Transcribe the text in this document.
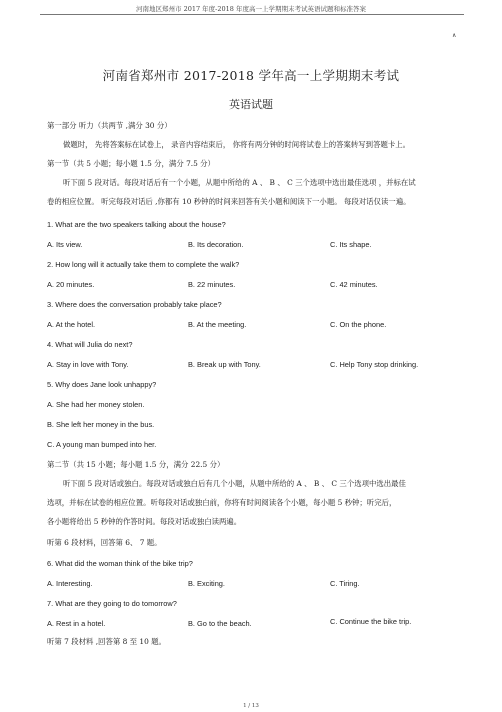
河南地区郑州市 2017 年度-2018 年度高一上学期期末考试英语试题和标准答案
∧
河南省郑州市 2017-2018 学年高一上学期期末考试
英语试题
第一部分 听力（共两节 ,满分 30 分）
做题时， 先将答案标在试卷上， 录音内容结束后， 你将有两分钟的时间将试卷上的答案转写到答题卡上。
第一节（共 5 小题；每小题 1.5 分，满分 7.5 分）
听下面 5 段对话。每段对话后有一个小题，从题中所给的 A 、 B 、 C 三个选项中选出最佳选项 ，并标在试
卷的相应位置。 听完每段对话后 ,你都有 10 秒钟的时间来回答有关小题和阅读下一小题。 每段对话仅读一遍。
1. What are the two speakers talking about the house?
A. Its view.	B. Its decoration.	C. Its shape.
2. How long will it actually take them to complete the walk?
A. 20 minutes.	B. 22 minutes.	C. 42 minutes.
3. Where does the conversation probably take place?
A. At the hotel.	B. At the meeting.	C. On the phone.
4. What will Julia do next?
A. Stay in love with Tony.	B. Break up with Tony.	C. Help Tony stop drinking.
5. Why does Jane look unhappy?
A. She had her money stolen.
B. She left her money in the bus.
C. A young man bumped into her.
第二节（共 15 小题；每小题 1.5 分，满分 22.5 分）
听下面 5 段对话或独白。每段对话或独白后有几个小题，从题中所给的 A 、 B 、 C 三个选项中选出最佳
选项，并标在试卷的相应位置。听每段对话或独白前，你将有时间阅读各个小题，每小题 5 秒钟；听完后，
各小题将给出 5 秒钟的作答时间。每段对话或独白读两遍。
听第 6 段材料，回答第 6、 7 题。
6. What did the woman think of the bike trip?
A. Interesting.	B. Exciting.	C. Tiring.
7. What are they going to do tomorrow?
A. Rest in a hotel.	B. Go to the beach.	C. Continue the bike trip.
听第 7 段材料 ,回答第 8 至 10 题。
1 / 13
